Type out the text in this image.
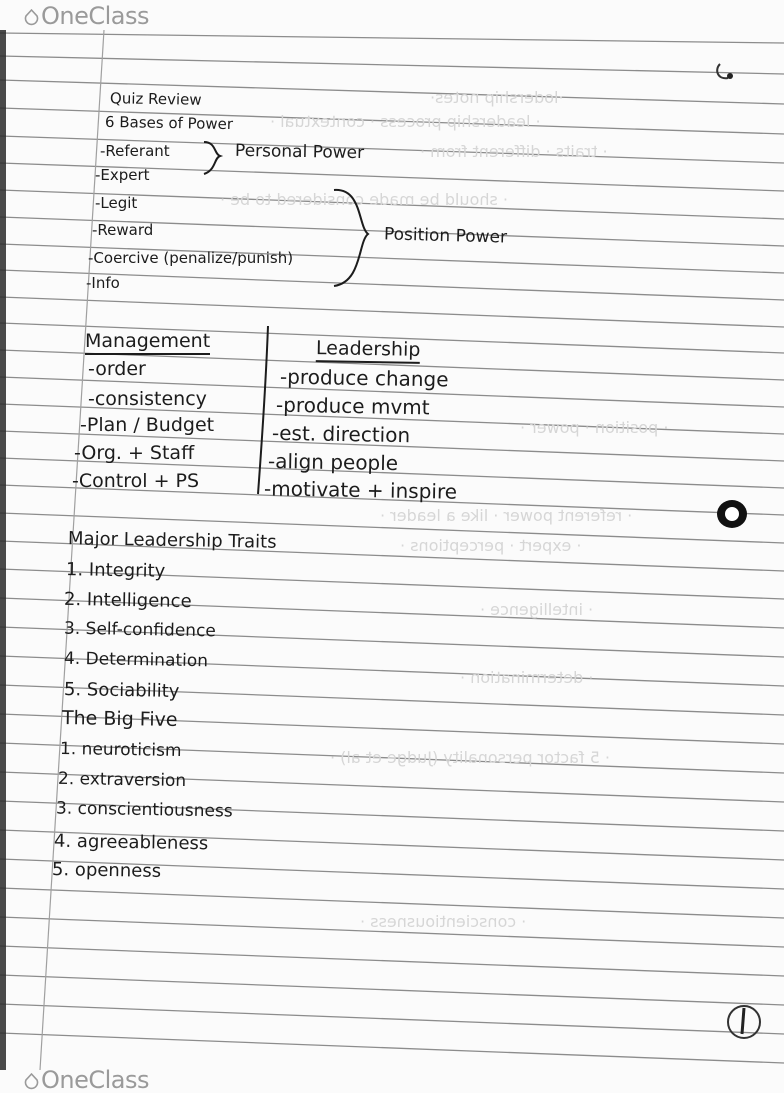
OneClass
OneClass
·lodership notes·
· leadership process · contextual ·
· traits · different from ·
· should be made considered to be ·
· position · power ·
· referent power · like a leader ·
· expert · perceptions ·
· intelligence ·
· determination ·
· 5 factor personality (Judge et al) ·
· conscientiousness ·
Quiz Review
6 Bases of Power
-Referant
-Expert
-Legit
-Reward
-Coercive (penalize/punish)
-Info
Personal Power
Position Power
Management
-order
-consistency
-Plan / Budget
-Org. + Staff
-Control + PS
Leadership
-produce change
-produce mvmt
-est. direction
-align people
-motivate + inspire
Major Leadership Traits
1. Integrity
2. Intelligence
3. Self-confidence
4. Determination
5. Sociability
The Big Five
1. neuroticism
2. extraversion
3. conscientiousness
4. agreeableness
5. openness
